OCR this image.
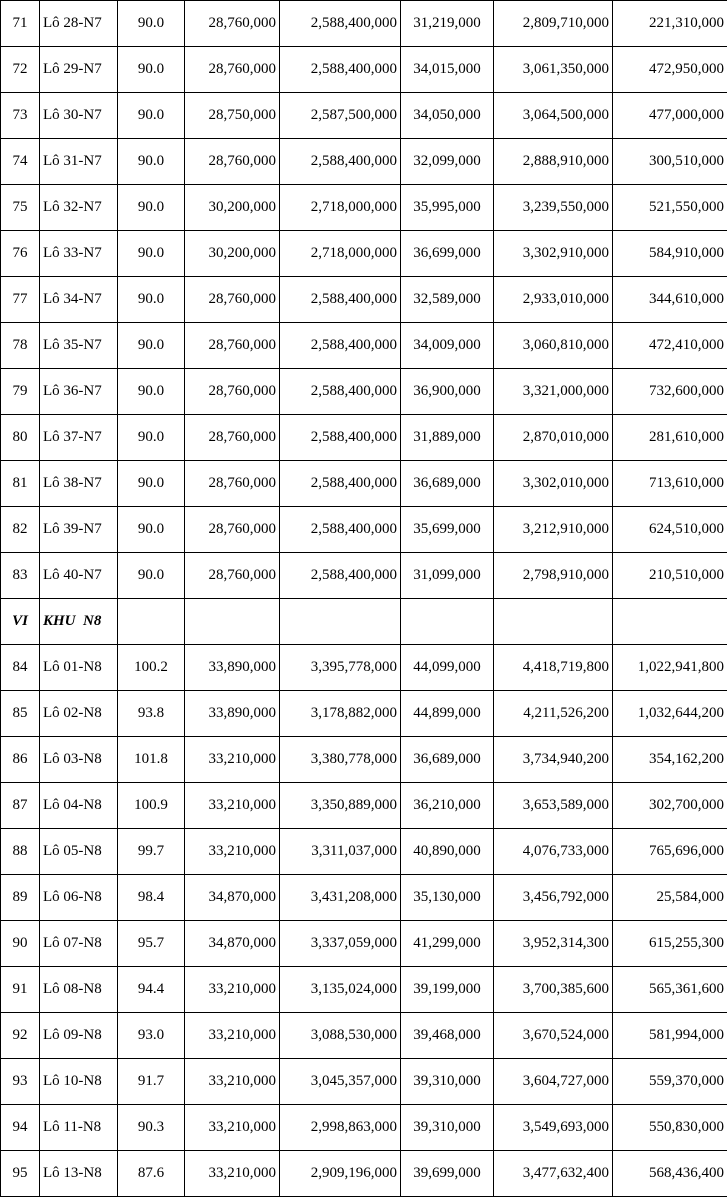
71	Lô 28-N7	90.0	28,760,000	2,588,400,000	31,219,000	2,809,710,000	221,310,000
72	Lô 29-N7	90.0	28,760,000	2,588,400,000	34,015,000	3,061,350,000	472,950,000
73	Lô 30-N7	90.0	28,750,000	2,587,500,000	34,050,000	3,064,500,000	477,000,000
74	Lô 31-N7	90.0	28,760,000	2,588,400,000	32,099,000	2,888,910,000	300,510,000
75	Lô 32-N7	90.0	30,200,000	2,718,000,000	35,995,000	3,239,550,000	521,550,000
76	Lô 33-N7	90.0	30,200,000	2,718,000,000	36,699,000	3,302,910,000	584,910,000
77	Lô 34-N7	90.0	28,760,000	2,588,400,000	32,589,000	2,933,010,000	344,610,000
78	Lô 35-N7	90.0	28,760,000	2,588,400,000	34,009,000	3,060,810,000	472,410,000
79	Lô 36-N7	90.0	28,760,000	2,588,400,000	36,900,000	3,321,000,000	732,600,000
80	Lô 37-N7	90.0	28,760,000	2,588,400,000	31,889,000	2,870,010,000	281,610,000
81	Lô 38-N7	90.0	28,760,000	2,588,400,000	36,689,000	3,302,010,000	713,610,000
82	Lô 39-N7	90.0	28,760,000	2,588,400,000	35,699,000	3,212,910,000	624,510,000
83	Lô 40-N7	90.0	28,760,000	2,588,400,000	31,099,000	2,798,910,000	210,510,000
VI	KHU  N8						
84	Lô 01-N8	100.2	33,890,000	3,395,778,000	44,099,000	4,418,719,800	1,022,941,800
85	Lô 02-N8	93.8	33,890,000	3,178,882,000	44,899,000	4,211,526,200	1,032,644,200
86	Lô 03-N8	101.8	33,210,000	3,380,778,000	36,689,000	3,734,940,200	354,162,200
87	Lô 04-N8	100.9	33,210,000	3,350,889,000	36,210,000	3,653,589,000	302,700,000
88	Lô 05-N8	99.7	33,210,000	3,311,037,000	40,890,000	4,076,733,000	765,696,000
89	Lô 06-N8	98.4	34,870,000	3,431,208,000	35,130,000	3,456,792,000	25,584,000
90	Lô 07-N8	95.7	34,870,000	3,337,059,000	41,299,000	3,952,314,300	615,255,300
91	Lô 08-N8	94.4	33,210,000	3,135,024,000	39,199,000	3,700,385,600	565,361,600
92	Lô 09-N8	93.0	33,210,000	3,088,530,000	39,468,000	3,670,524,000	581,994,000
93	Lô 10-N8	91.7	33,210,000	3,045,357,000	39,310,000	3,604,727,000	559,370,000
94	Lô 11-N8	90.3	33,210,000	2,998,863,000	39,310,000	3,549,693,000	550,830,000
95	Lô 13-N8	87.6	33,210,000	2,909,196,000	39,699,000	3,477,632,400	568,436,400
